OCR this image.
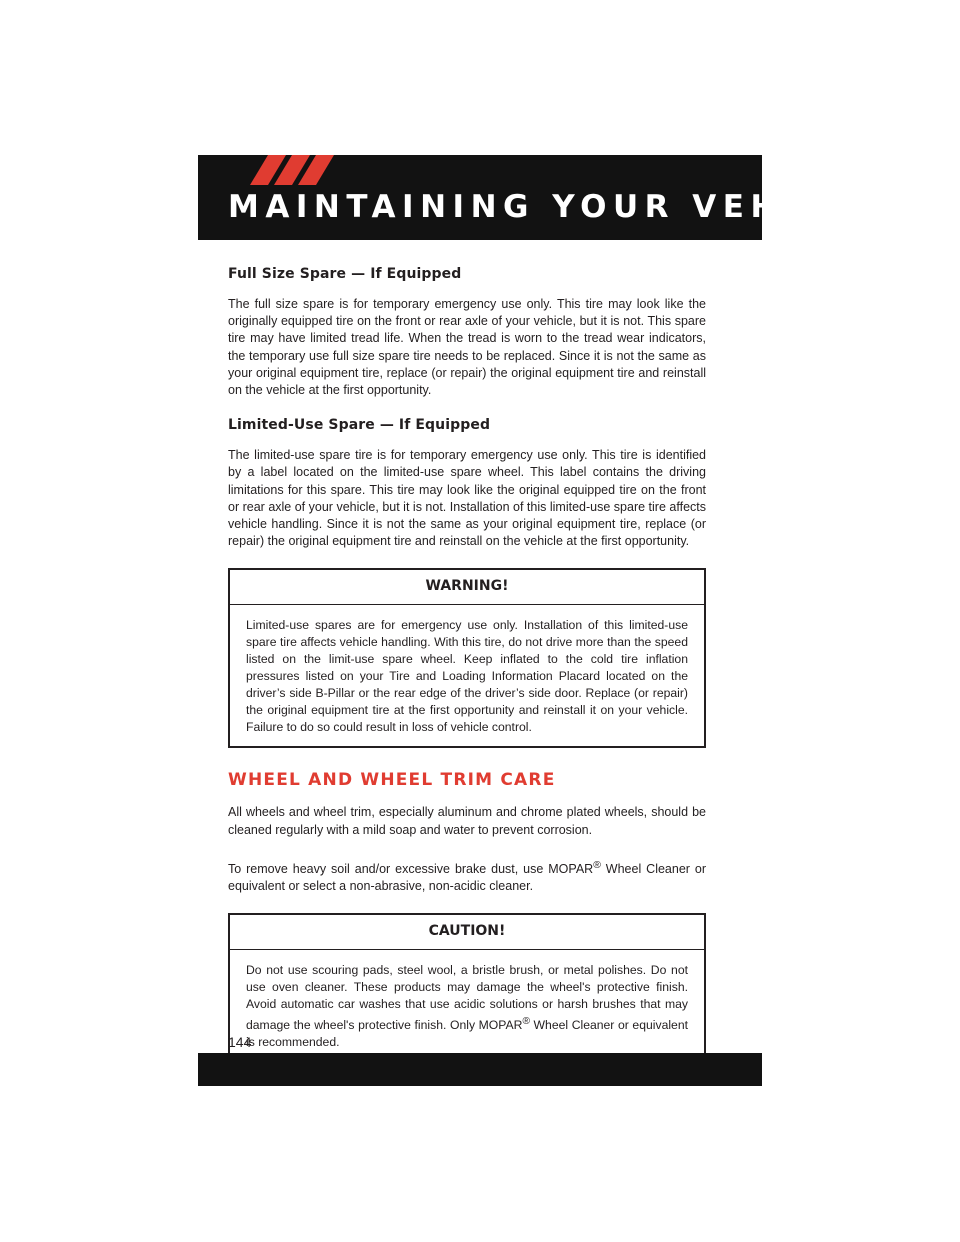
MAINTAINING YOUR VEHICLE
Full Size Spare — If Equipped

The full size spare is for temporary emergency use only. This tire may look like the originally equipped tire on the front or rear axle of your vehicle, but it is not. This spare tire may have limited tread life. When the tread is worn to the tread wear indicators, the temporary use full size spare tire needs to be replaced. Since it is not the same as your original equipment tire, replace (or repair) the original equipment tire and reinstall on the vehicle at the first opportunity.

Limited-Use Spare — If Equipped

The limited-use spare tire is for temporary emergency use only. This tire is identified by a label located on the limited-use spare wheel. This label contains the driving limitations for this spare. This tire may look like the original equipped tire on the front or rear axle of your vehicle, but it is not. Installation of this limited-use spare tire affects vehicle handling. Since it is not the same as your original equipment tire, replace (or repair) the original equipment tire and reinstall on the vehicle at the first opportunity.

WARNING!

Limited-use spares are for emergency use only. Installation of this limited-use spare tire affects vehicle handling. With this tire, do not drive more than the speed listed on the limit-use spare wheel. Keep inflated to the cold tire inflation pressures listed on your Tire and Loading Information Placard located on the driver’s side B-Pillar or the rear edge of the driver’s side door. Replace (or repair) the original equipment tire at the first opportunity and reinstall it on your vehicle. Failure to do so could result in loss of vehicle control.

WHEEL AND WHEEL TRIM CARE

All wheels and wheel trim, especially aluminum and chrome plated wheels, should be cleaned regularly with a mild soap and water to prevent corrosion.

To remove heavy soil and/or excessive brake dust, use MOPAR® Wheel Cleaner or equivalent or select a non-abrasive, non-acidic cleaner.

CAUTION!

Do not use scouring pads, steel wool, a bristle brush, or metal polishes. Do not use oven cleaner. These products may damage the wheel's protective finish. Avoid automatic car washes that use acidic solutions or harsh brushes that may damage the wheel's protective finish. Only MOPAR® Wheel Cleaner or equivalent is recommended.

144
